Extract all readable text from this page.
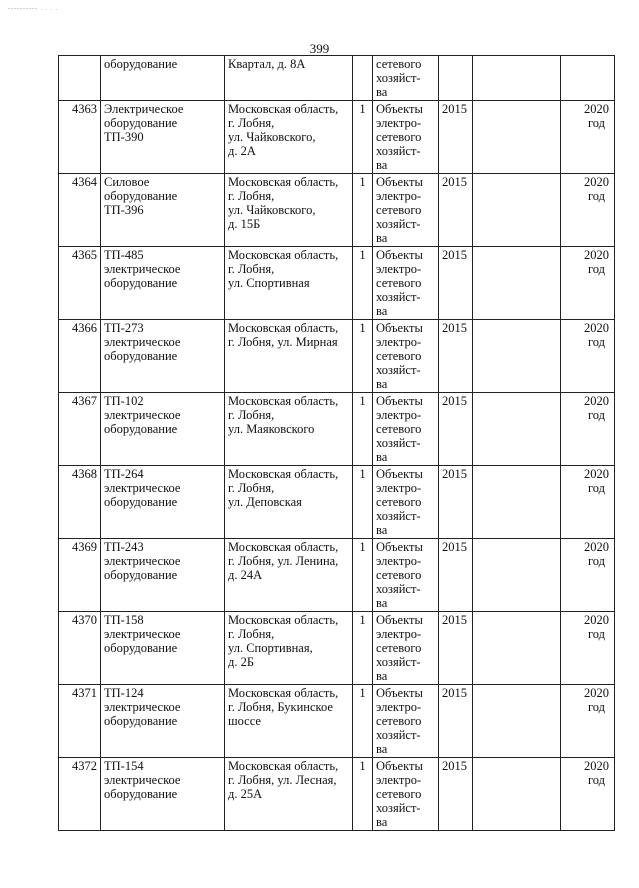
---------- . . . .
399

	оборудование	Квартал, д. 8А		сетевого
хозяйст-
ва			

4363	Электрическое
оборудование
ТП-390	Московская область,
г. Лобня,
ул. Чайковского,
д. 2А	1	Объекты
электро-
сетевого
хозяйст-
ва	2015		2020
год

4364	Силовое
оборудование
ТП-396	Московская область,
г. Лобня,
ул. Чайковского,
д. 15Б	1	Объекты
электро-
сетевого
хозяйст-
ва	2015		2020
год

4365	ТП-485
электрическое
оборудование	Московская область,
г. Лобня,
ул. Спортивная	1	Объекты
электро-
сетевого
хозяйст-
ва	2015		2020
год

4366	ТП-273
электрическое
оборудование	Московская область,
г. Лобня, ул. Мирная	1	Объекты
электро-
сетевого
хозяйст-
ва	2015		2020
год

4367	ТП-102
электрическое
оборудование	Московская область,
г. Лобня,
ул. Маяковского	1	Объекты
электро-
сетевого
хозяйст-
ва	2015		2020
год

4368	ТП-264
электрическое
оборудование	Московская область,
г. Лобня,
ул. Деповская	1	Объекты
электро-
сетевого
хозяйст-
ва	2015		2020
год

4369	ТП-243
электрическое
оборудование	Московская область,
г. Лобня, ул. Ленина,
д. 24А	1	Объекты
электро-
сетевого
хозяйст-
ва	2015		2020
год

4370	ТП-158
электрическое
оборудование	Московская область,
г. Лобня,
ул. Спортивная,
д. 2Б	1	Объекты
электро-
сетевого
хозяйст-
ва	2015		2020
год

4371	ТП-124
электрическое
оборудование	Московская область,
г. Лобня, Букинское
шоссе	1	Объекты
электро-
сетевого
хозяйст-
ва	2015		2020
год

4372	ТП-154
электрическое
оборудование	Московская область,
г. Лобня, ул. Лесная,
д. 25А	1	Объекты
электро-
сетевого
хозяйст-
ва	2015		2020
год
